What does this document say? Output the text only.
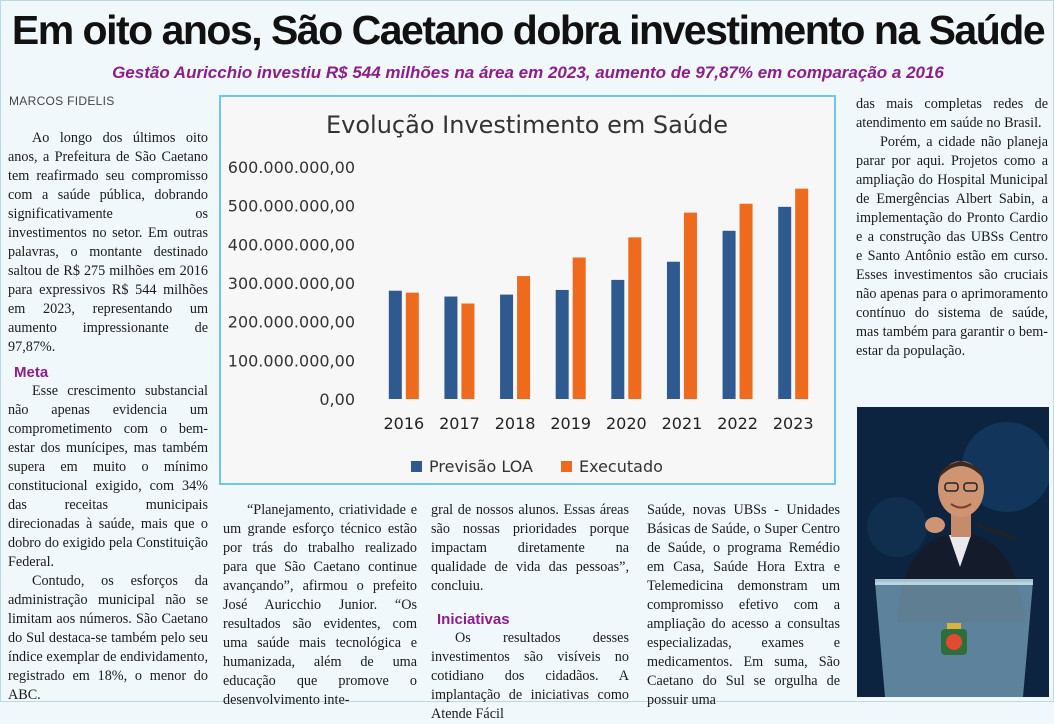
Em oito anos, São Caetano dobra investimento na Saúde
Gestão Auricchio investiu R$ 544 milhões na área em 2023, aumento de 97,87% em comparação a 2016
MARCOS FIDELIS

Ao longo dos últimos oito anos, a Prefeitura de São Caetano tem reafirmado seu compromisso com a saúde pública, dobrando significativamente os investimentos no setor. Em outras palavras, o montante destinado saltou de R$ 275 milhões em 2016 para expressivos R$ 544 milhões em 2023, representando um aumento impressionante de 97,87%.

Meta

Esse crescimento substancial não apenas evidencia um comprometimento com o bem-estar dos munícipes, mas também supera em muito o mínimo constitucional exigido, com 34% das receitas municipais direcionadas à saúde, mais que o dobro do exigido pela Constituição Federal.

Contudo, os esforços da administração municipal não se limitam aos números. São Caetano do Sul destaca-se também pelo seu índice exemplar de endividamento, registrado em 18%, o menor do ABC.

Evolução Investimento em Saúde
0,00
100.000.000,00
200.000.000,00
300.000.000,00
400.000.000,00
500.000.000,00
600.000.000,00
2016 2017 2018 2019 2020 2021 2022 2023
Previsão LOA	Executado

“Planejamento, criatividade e um grande esforço técnico estão por trás do trabalho realizado para que São Caetano continue avançando”, afirmou o prefeito José Auricchio Junior. “Os resultados são evidentes, com uma saúde mais tecnológica e humanizada, além de uma educação que promove o desenvolvimento inte-

gral de nossos alunos. Essas áreas são nossas prioridades porque impactam diretamente na qualidade de vida das pessoas”, concluiu.

Iniciativas

Os resultados desses investimentos são visíveis no cotidiano dos cidadãos. A implantação de iniciativas como Atende Fácil

Saúde, novas UBSs - Unidades Básicas de Saúde, o Super Centro de Saúde, o programa Remédio em Casa, Saúde Hora Extra e Telemedicina demonstram um compromisso efetivo com a ampliação do acesso a consultas especializadas, exames e medicamentos. Em suma, São Caetano do Sul se orgulha de possuir uma

das mais completas redes de atendimento em saúde no Brasil.

Porém, a cidade não planeja parar por aqui. Projetos como a ampliação do Hospital Municipal de Emergências Albert Sabin, a implementação do Pronto Cardio e a construção das UBSs Centro e Santo Antônio estão em curso. Esses investimentos são cruciais não apenas para o aprimoramento contínuo do sistema de saúde, mas também para garantir o bem-estar da população.
